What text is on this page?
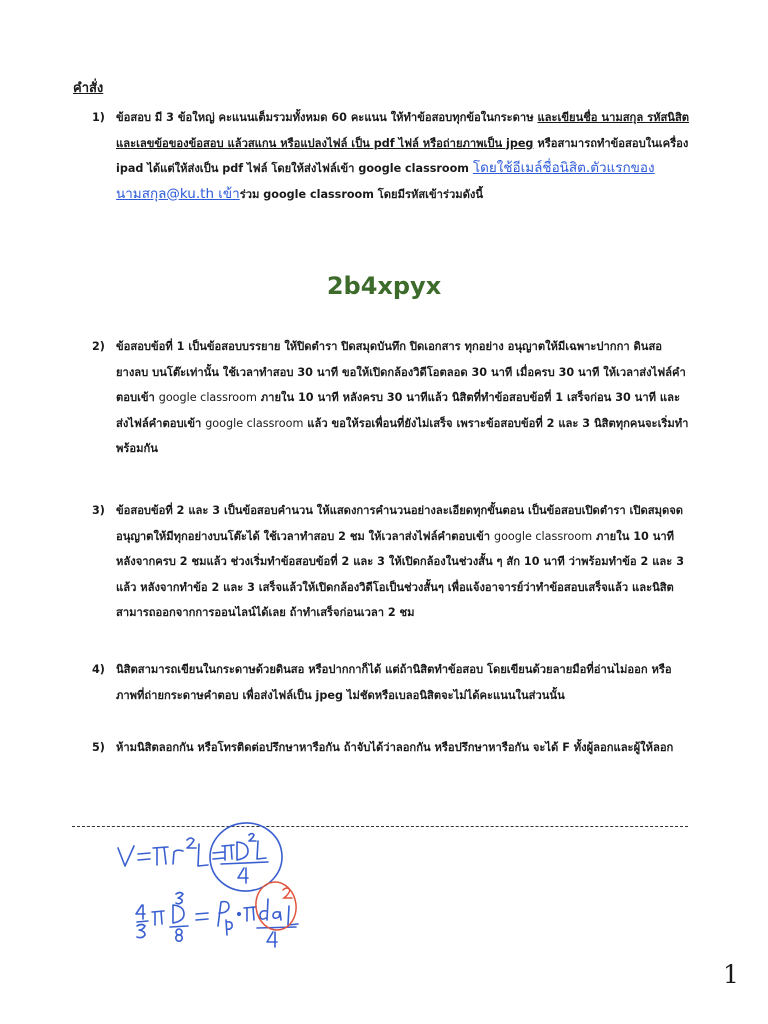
คำสั่ง
1) ข้อสอบ มี 3 ข้อใหญ่ คะแนนเต็มรวมทั้งหมด 60 คะแนน ให้ทำข้อสอบทุกข้อในกระดาษ และเขียนชื่อ นามสกุล รหัสนิสิต และเลขข้อของข้อสอบ แล้วสแกน หรือแปลงไฟล์ เป็น pdf ไฟล์ หรือถ่ายภาพเป็น jpeg หรือสามารถทำข้อสอบในเครื่อง ipad ได้แต่ให้ส่งเป็น pdf ไฟล์ โดยให้ส่งไฟล์เข้า google classroom โดยใช้อีเมล์ชื่อนิสิต.ตัวแรกของนามสกุล@ku.th เข้าร่วม google classroom โดยมีรหัสเข้าร่วมดังนี้
2b4xpyx
2) ข้อสอบข้อที่ 1 เป็นข้อสอบบรรยาย ให้ปิดตำรา ปิดสมุดบันทึก ปิดเอกสาร ทุกอย่าง อนุญาตให้มีเฉพาะปากกา ดินสอ ยางลบ บนโต๊ะเท่านั้น ใช้เวลาทำสอบ 30 นาที ขอให้เปิดกล้องวิดีโอตลอด 30 นาที เมื่อครบ 30 นาที ให้เวลาส่งไฟล์คำตอบเข้า google classroom ภายใน 10 นาที หลังครบ 30 นาทีแล้ว นิสิตที่ทำข้อสอบข้อที่ 1 เสร็จก่อน 30 นาที และส่งไฟล์คำตอบเข้า google classroom แล้ว ขอให้รอเพื่อนที่ยังไม่เสร็จ เพราะข้อสอบข้อที่ 2 และ 3 นิสิตทุกคนจะเริ่มทำพร้อมกัน
3) ข้อสอบข้อที่ 2 และ 3 เป็นข้อสอบคำนวน ให้แสดงการคำนวนอย่างละเอียดทุกขั้นตอน เป็นข้อสอบเปิดตำรา เปิดสมุดจด อนุญาตให้มีทุกอย่างบนโต๊ะได้ ใช้เวลาทำสอบ 2 ชม ให้เวลาส่งไฟล์คำตอบเข้า google classroom ภายใน 10 นาที หลังจากครบ 2 ชมแล้ว ช่วงเริ่มทำข้อสอบข้อที่ 2 และ 3 ให้เปิดกล้องในช่วงสั้น ๆ สัก 10 นาที ว่าพร้อมทำข้อ 2 และ 3 แล้ว หลังจากทำข้อ 2 และ 3 เสร็จแล้วให้เปิดกล้องวิดีโอเป็นช่วงสั้นๆ เพื่อแจ้งอาจารย์ว่าทำข้อสอบเสร็จแล้ว และนิสิตสามารถออกจากการออนไลน์ได้เลย ถ้าทำเสร็จก่อนเวลา 2 ชม
4) นิสิตสามารถเขียนในกระดาษด้วยดินสอ หรือปากกาก็ได้ แต่ถ้านิสิตทำข้อสอบ โดยเขียนด้วยลายมือที่อ่านไม่ออก หรือภาพที่ถ่ายกระดาษคำตอบ เพื่อส่งไฟล์เป็น jpeg ไม่ชัดหรือเบลอนิสิตจะไม่ได้คะแนนในส่วนนั้น
5) ห้ามนิสิตลอกกัน หรือโทรติดต่อปรึกษาหารือกัน ถ้าจับได้ว่าลอกกัน หรือปรึกษาหารือกัน จะได้ F ทั้งผู้ลอกและผู้ให้ลอก
1
